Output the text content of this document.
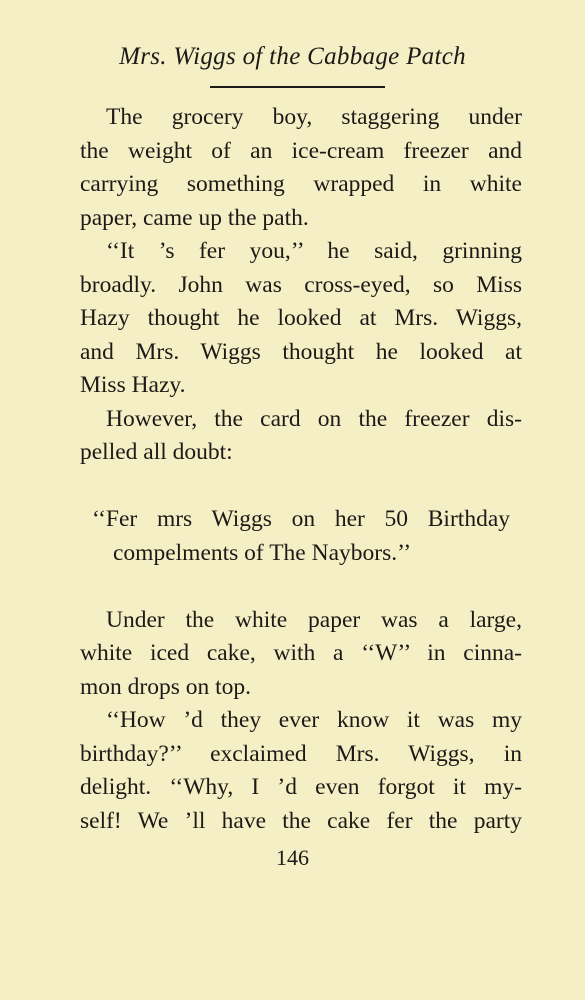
Mrs. Wiggs of the Cabbage Patch
The grocery boy, staggering under
the weight of an ice-cream freezer and
carrying something wrapped in white
paper, came up the path.
‘‘It ’s fer you,’’ he said, grinning
broadly. John was cross-eyed, so Miss
Hazy thought he looked at Mrs. Wiggs,
and Mrs. Wiggs thought he looked at
Miss Hazy.
However, the card on the freezer dis-
pelled all doubt:
‘‘Fer mrs Wiggs on her 50 Birthday
compelments of The Naybors.’’
Under the white paper was a large,
white iced cake, with a ‘‘W’’ in cinna-
mon drops on top.
‘‘How ’d they ever know it was my
birthday?’’ exclaimed Mrs. Wiggs, in
delight. ‘‘Why, I ’d even forgot it my-
self! We ’ll have the cake fer the party
146
